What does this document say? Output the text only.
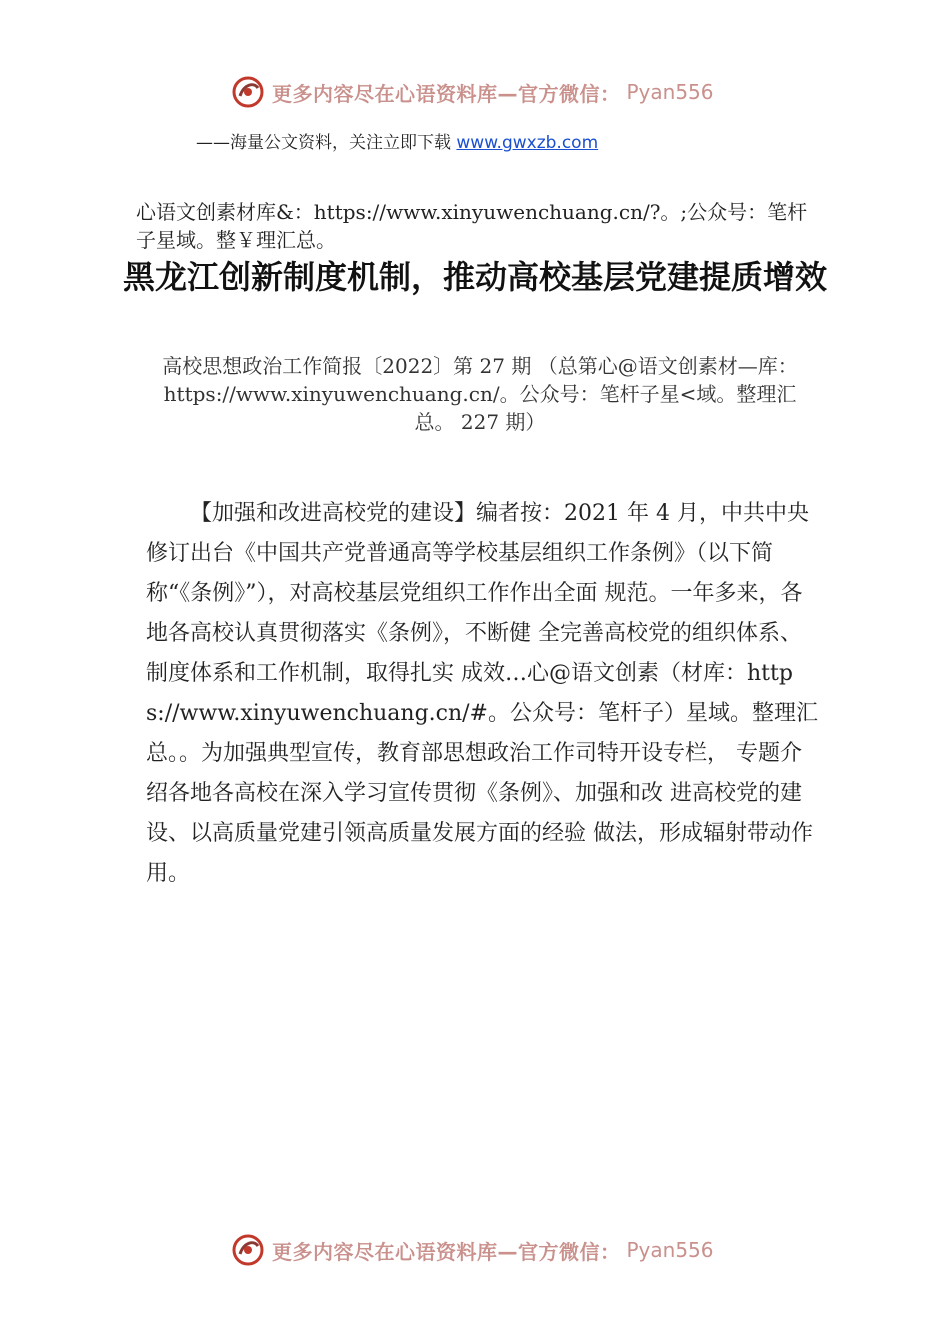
更多内容尽在心语资料库—官方微信： Pyan556
——海量公文资料，关注立即下载 www.gwxzb.com
心语文创素材库&：https://www.xinyuwenchuang.cn/?。;公众号：笔杆子星域。整￥理汇总。
黑龙江创新制度机制，推动高校基层党建提质增效
高校思想政治工作简报〔2022〕第 27 期 （总第心@语文创素材—库：https://www.xinyuwenchuang.cn/。公众号：笔杆子星<域。整理汇总。 227 期）
【加强和改进高校党的建设】编者按：2021 年 4 月，中共中央修订出台《中国共产党普通高等学校基层组织工作条例》（以下简称“《条例》”），对高校基层党组织工作作出全面 规范。一年多来，各地各高校认真贯彻落实《条例》，不断健 全完善高校党的组织体系、制度体系和工作机制，取得扎实 成效…心@语文创素（材库：https://www.xinyuwenchuang.cn/#。公众号：笔杆子）星域。整理汇总。。为加强典型宣传，教育部思想政治工作司特开设专栏， 专题介绍各地各高校在深入学习宣传贯彻《条例》、加强和改 进高校党的建设、以高质量党建引领高质量发展方面的经验 做法，形成辐射带动作用。
更多内容尽在心语资料库—官方微信： Pyan556
